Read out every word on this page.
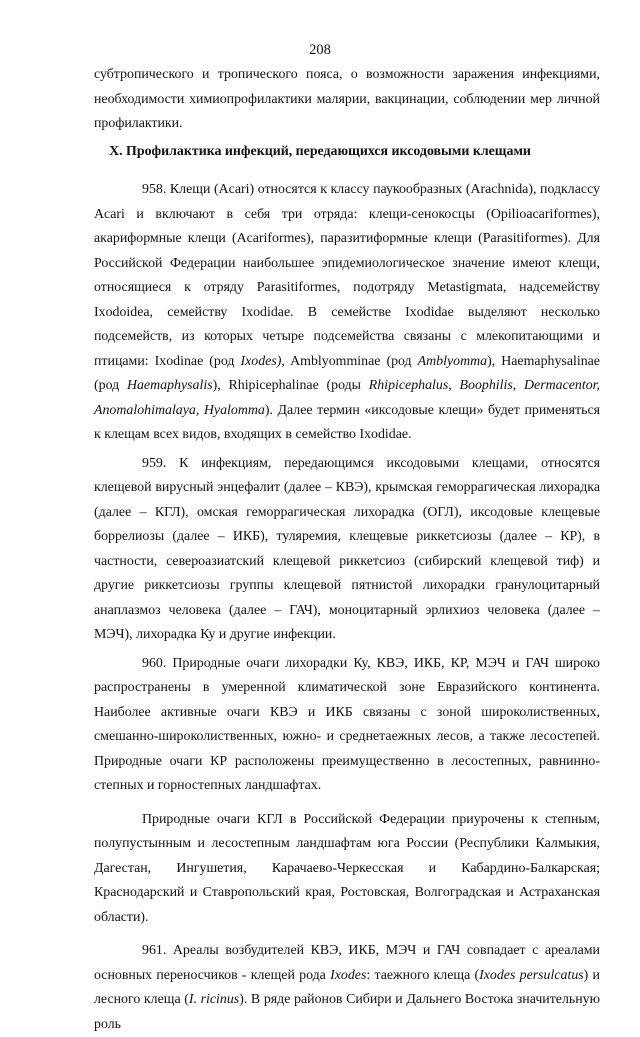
208

субтропического и тропического пояса, о возможности заражения инфекциями, необходимости химиопрофилактики малярии, вакцинации, соблюдении мер личной профилактики.

X. Профилактика инфекций, передающихся иксодовыми клещами

958. Клещи (Acari) относятся к классу паукообразных (Arachnida), подклассу Acari и включают в себя три отряда: клещи-сенокосцы (Opilioacariformes), акариформные клещи (Acariformes), паразитиформные клещи (Parasitiformes). Для Российской Федерации наибольшее эпидемиологическое значение имеют клещи, относящиеся к отряду Parasitiformes, подотряду Metastigmata, надсемейству Ixodoidea, семейству Ixodidae. В семействе Ixodidae выделяют несколько подсемейств, из которых четыре подсемейства связаны с млекопитающими и птицами: Ixodinae (род Ixodes), Amblyomminae (род Amblyomma), Haemaphysalinae (род Haemaphysalis), Rhipicephalinae (роды Rhipicephalus, Boophilis, Dermacentor, Anomalohimalaya, Hyalomma). Далее термин «иксодовые клещи» будет применяться к клещам всех видов, входящих в семейство Ixodidae.

959. К инфекциям, передающимся иксодовыми клещами, относятся клещевой вирусный энцефалит (далее – КВЭ), крымская геморрагическая лихорадка (далее – КГЛ), омская геморрагическая лихорадка (ОГЛ), иксодовые клещевые боррелиозы (далее – ИКБ), туляремия, клещевые риккетсиозы (далее – КР), в частности, североазиатский клещевой риккетсиоз (сибирский клещевой тиф) и другие риккетсиозы группы клещевой пятнистой лихорадки гранулоцитарный анаплазмоз человека (далее – ГАЧ), моноцитарный эрлихиоз человека (далее – МЭЧ), лихорадка Ку и другие инфекции.

960. Природные очаги лихорадки Ку, КВЭ, ИКБ, КР, МЭЧ и ГАЧ широко распространены в умеренной климатической зоне Евразийского континента. Наиболее активные очаги КВЭ и ИКБ связаны с зоной широколиственных, смешанно-широколиственных, южно- и среднетаежных лесов, а также лесостепей. Природные очаги КР расположены преимущественно в лесостепных, равнинно-степных и горностепных ландшафтах.

Природные очаги КГЛ в Российской Федерации приурочены к степным, полупустынным и лесостепным ландшафтам юга России (Республики Калмыкия, Дагестан, Ингушетия, Карачаево-Черкесская и Кабардино-Балкарская; Краснодарский и Ставропольский края, Ростовская, Волгоградская и Астраханская области).

961. Ареалы возбудителей КВЭ, ИКБ, МЭЧ и ГАЧ совпадает с ареалами основных переносчиков - клещей рода Ixodes: таежного клеща (Ixodes persulcatus) и лесного клеща (I. ricinus). В ряде районов Сибири и Дальнего Востока значительную роль
